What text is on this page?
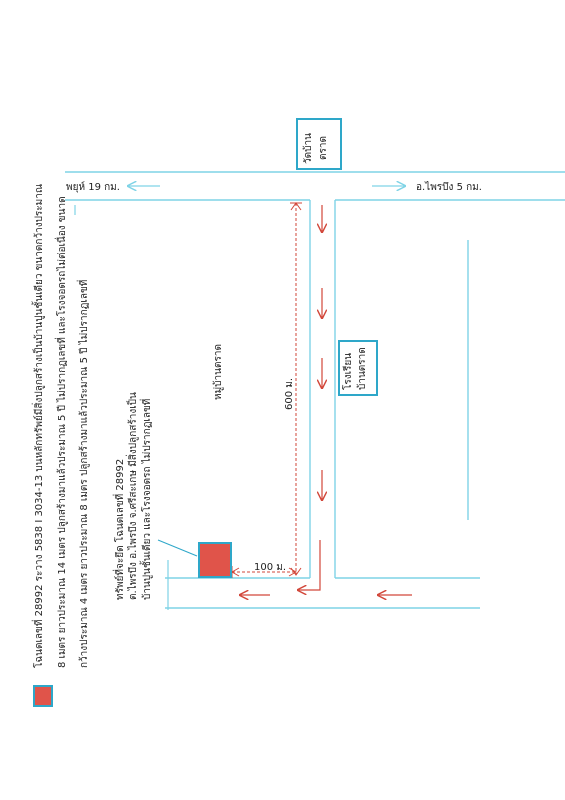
โฉนดเลขที่ 28992 ระวาง 5838 I 3034-13 บนหลักทรัพย์มีสิ่งปลูกสร้างเป็นบ้านปูนชั้นเดียว ขนาดกว้างประมาณ 8 เมตร ยาวประมาณ 14 เมตร ปลูกสร้างมาแล้วประมาณ 5 ปี ไม่ปรากฏเลขที่ และโรงจอดรถไม่ต่อเนื่อง ขนาด กว้างประมาณ 4 เมตร ยาวประมาณ 8 เมตร ปลูกสร้างมาแล้วประมาณ 5 ปี ไม่ปรากฏเลขที่	ทรัพย์ที่จะยึด โฉนดเลขที่ 28992 ต.ไพรบึง อ.ไพรบึง จ.ศรีสะเกษ มีสิ่งปลูกสร้างเป็น บ้านปูนชั้นเดียว และโรงจอดรถ ไม่ปรากฏเลขที่
พยุห์ 19 กม.	อ.ไพรบึง 5 กม.
วัดบ้าน ตราด
โรงเรียน บ้านตราด
หมู่บ้านตราด	600 ม.
100 ม.
